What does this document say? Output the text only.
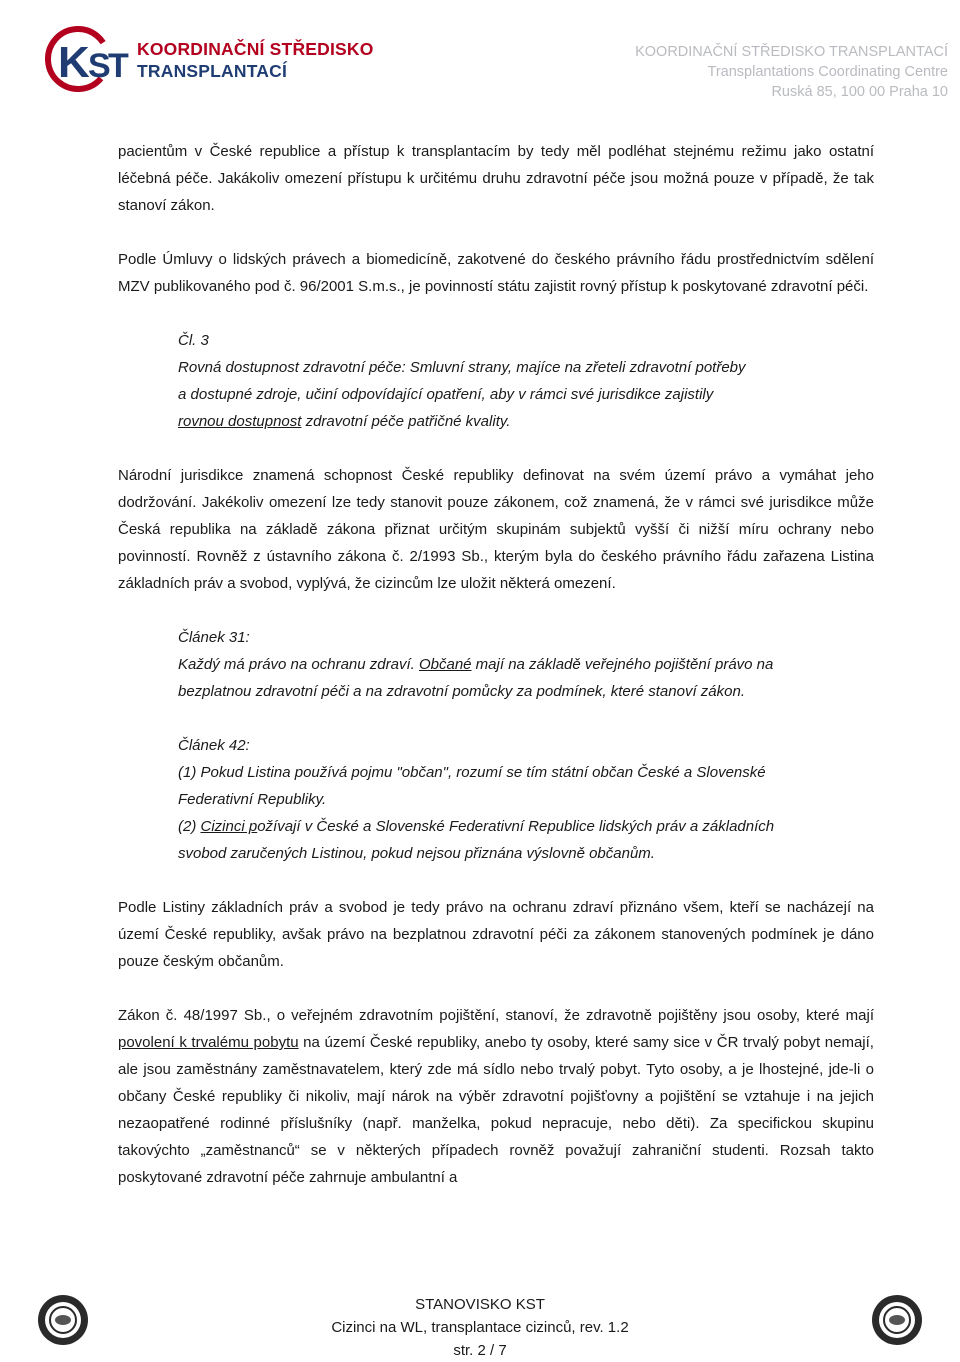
K
S
T KOORDINAČNÍ STŘEDISKO
TRANSPLANTACÍ
KOORDINAČNÍ STŘEDISKO TRANSPLANTACÍ
Transplantations Coordinating Centre
Ruská 85, 100 00 Praha 10

pacientům v České republice a přístup k transplantacím by tedy měl podléhat stejnému režimu jako ostatní léčebná péče. Jakákoliv omezení přístupu k určitému druhu zdravotní péče jsou možná pouze v případě, že tak stanoví zákon.

Podle Úmluvy o lidských právech a biomedicíně, zakotvené do českého právního řádu prostřednictvím sdělení MZV publikovaného pod č. 96/2001 S.m.s., je povinností státu zajistit rovný přístup k poskytované zdravotní péči.

Čl. 3
Rovná dostupnost zdravotní péče: Smluvní strany, majíce na zřeteli zdravotní potřeby
a dostupné zdroje, učiní odpovídající opatření, aby v rámci své jurisdikce zajistily
rovnou dostupnost zdravotní péče patřičné kvality.

Národní jurisdikce znamená schopnost České republiky definovat na svém území právo a vymáhat jeho dodržování. Jakékoliv omezení lze tedy stanovit pouze zákonem, což znamená, že v rámci své jurisdikce může Česká republika na základě zákona přiznat určitým skupinám subjektů vyšší či nižší míru ochrany nebo povinností. Rovněž z ústavního zákona č. 2/1993 Sb., kterým byla do českého právního řádu zařazena Listina základních práv a svobod, vyplývá, že cizincům lze uložit některá omezení.

Článek 31:
Každý má právo na ochranu zdraví. Občané mají na základě veřejného pojištění právo na
bezplatnou zdravotní péči a na zdravotní pomůcky za podmínek, které stanoví zákon.
Článek 42:
(1) Pokud Listina používá pojmu "občan", rozumí se tím státní občan České a Slovenské
Federativní Republiky.
(2) Cizinci požívají v České a Slovenské Federativní Republice lidských práv a základních
svobod zaručených Listinou, pokud nejsou přiznána výslovně občanům.

Podle Listiny základních práv a svobod je tedy právo na ochranu zdraví přiznáno všem, kteří se nacházejí na území České republiky, avšak právo na bezplatnou zdravotní péči za zákonem stanovených podmínek je dáno pouze českým občanům.

Zákon č. 48/1997 Sb., o veřejném zdravotním pojištění, stanoví, že zdravotně pojištěny jsou osoby, které mají povolení k trvalému pobytu na území České republiky, anebo ty osoby, které samy sice v ČR trvalý pobyt nemají, ale jsou zaměstnány zaměstnavatelem, který zde má sídlo nebo trvalý pobyt. Tyto osoby, a je lhostejné, jde-li o občany České republiky či nikoliv, mají nárok na výběr zdravotní pojišťovny a pojištění se vztahuje i na jejich nezaopatřené rodinné příslušníky (např. manželka, pokud nepracuje, nebo děti). Za specifickou skupinu takovýchto „zaměstnanců“ se v některých případech rovněž považují zahraniční studenti. Rozsah takto poskytované zdravotní péče zahrnuje ambulantní a

STANOVISKO KST
Cizinci na WL, transplantace cizinců, rev. 1.2
str. 2 / 7
